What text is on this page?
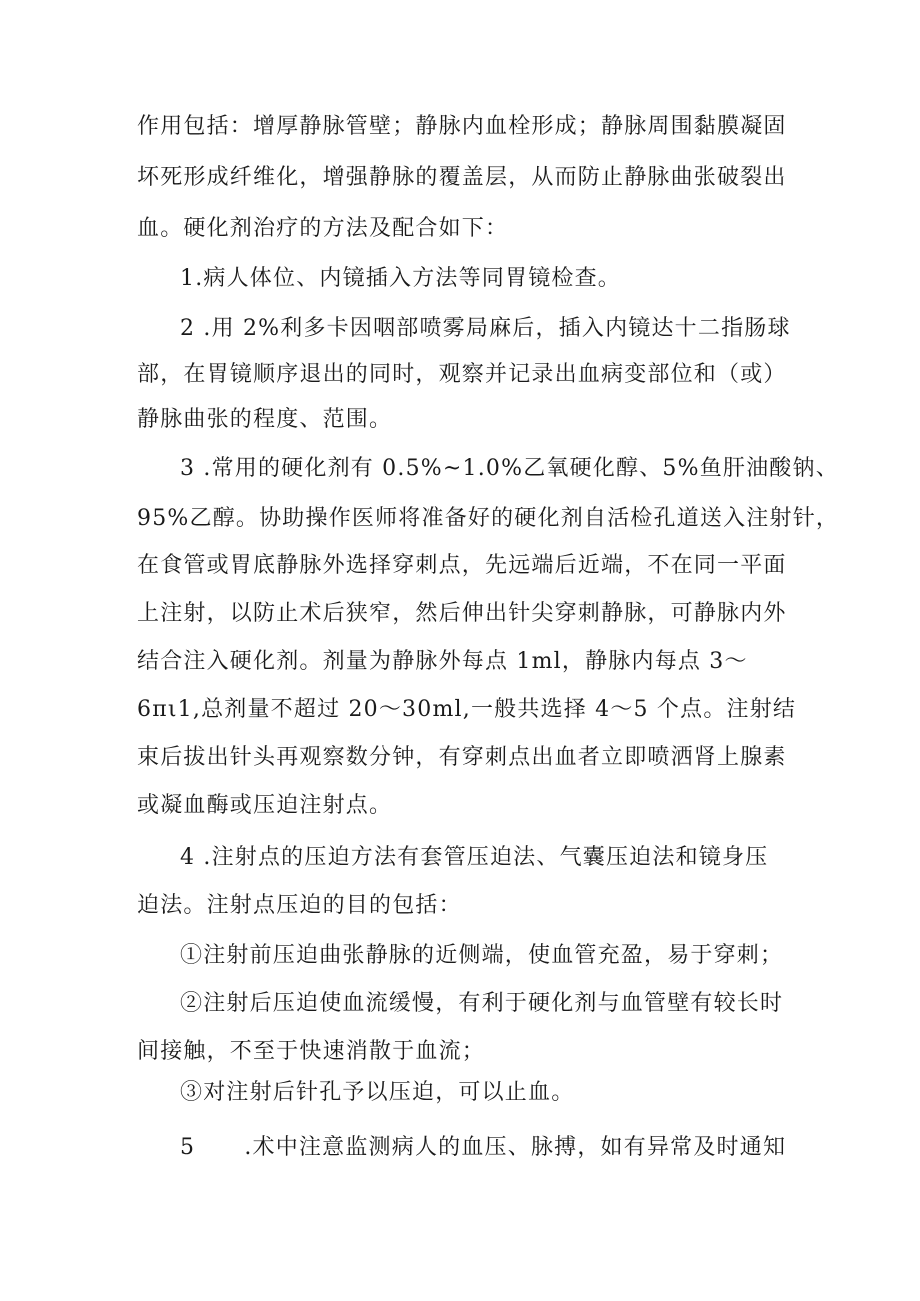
作用包括：增厚静脉管壁；静脉内血栓形成；静脉周围黏膜凝固
坏死形成纤维化，增强静脉的覆盖层，从而防止静脉曲张破裂出
血。硬化剂治疗的方法及配合如下：
1.病人体位、内镜插入方法等同胃镜检查。
2 .用 2%利多卡因咽部喷雾局麻后，插入内镜达十二指肠球
部，在胃镜顺序退出的同时，观察并记录出血病变部位和（或）
静脉曲张的程度、范围。
3 .常用的硬化剂有 0.5%~1.0%乙氧硬化醇、5%鱼肝油酸钠、
95%乙醇。协助操作医师将准备好的硬化剂自活检孔道送入注射针，
在食管或胃底静脉外选择穿刺点，先远端后近端，不在同一平面
上注射，以防止术后狭窄，然后伸出针尖穿刺静脉，可静脉内外
结合注入硬化剂。剂量为静脉外每点 1ml，静脉内每点 3～
6πι1,总剂量不超过 20～30ml,一般共选择 4～5 个点。注射结
束后拔出针头再观察数分钟，有穿刺点出血者立即喷洒肾上腺素
或凝血酶或压迫注射点。
4 .注射点的压迫方法有套管压迫法、气囊压迫法和镜身压
迫法。注射点压迫的目的包括：
①注射前压迫曲张静脉的近侧端，使血管充盈，易于穿刺；
②注射后压迫使血流缓慢，有利于硬化剂与血管壁有较长时
间接触，不至于快速消散于血流；
③对注射后针孔予以压迫，可以止血。
5      .术中注意监测病人的血压、脉搏，如有异常及时通知
